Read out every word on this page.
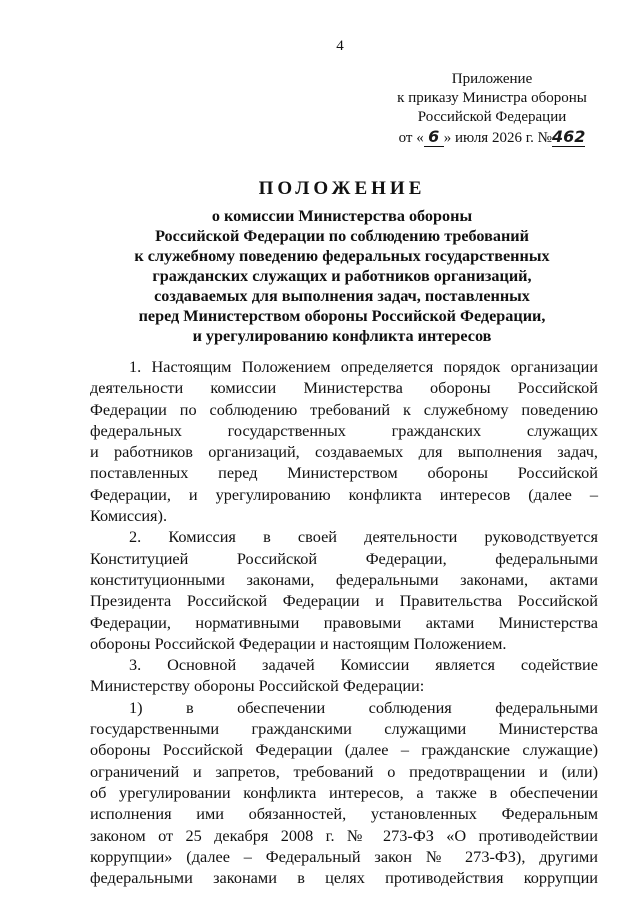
4
Приложение
к приказу Министра обороны
Российской Федерации
от « 6 » июля 2026 г. №462
ПОЛОЖЕНИЕ
о комиссии Министерства обороны
Российской Федерации по соблюдению требований
к служебному поведению федеральных государственных
гражданских служащих и работников организаций,
создаваемых для выполнения задач, поставленных
перед Министерством обороны Российской Федерации,
и урегулированию конфликта интересов
1. Настоящим Положением определяется порядок организации
деятельности комиссии Министерства обороны Российской
Федерации по соблюдению требований к служебному поведению
федеральных государственных гражданских служащих
и работников организаций, создаваемых для выполнения задач,
поставленных перед Министерством обороны Российской
Федерации, и урегулированию конфликта интересов (далее –
Комиссия).
2. Комиссия в своей деятельности руководствуется
Конституцией Российской Федерации, федеральными
конституционными законами, федеральными законами, актами
Президента Российской Федерации и Правительства Российской
Федерации, нормативными правовыми актами Министерства
обороны Российской Федерации и настоящим Положением.
3. Основной задачей Комиссии является содействие
Министерству обороны Российской Федерации:
1) в обеспечении соблюдения федеральными
государственными гражданскими служащими Министерства
обороны Российской Федерации (далее – гражданские служащие)
ограничений и запретов, требований о предотвращении и (или)
об урегулировании конфликта интересов, а также в обеспечении
исполнения ими обязанностей, установленных Федеральным
законом от 25 декабря 2008 г. № 273-ФЗ «О противодействии
коррупции» (далее – Федеральный закон № 273-ФЗ), другими
федеральными законами в целях противодействия коррупции
